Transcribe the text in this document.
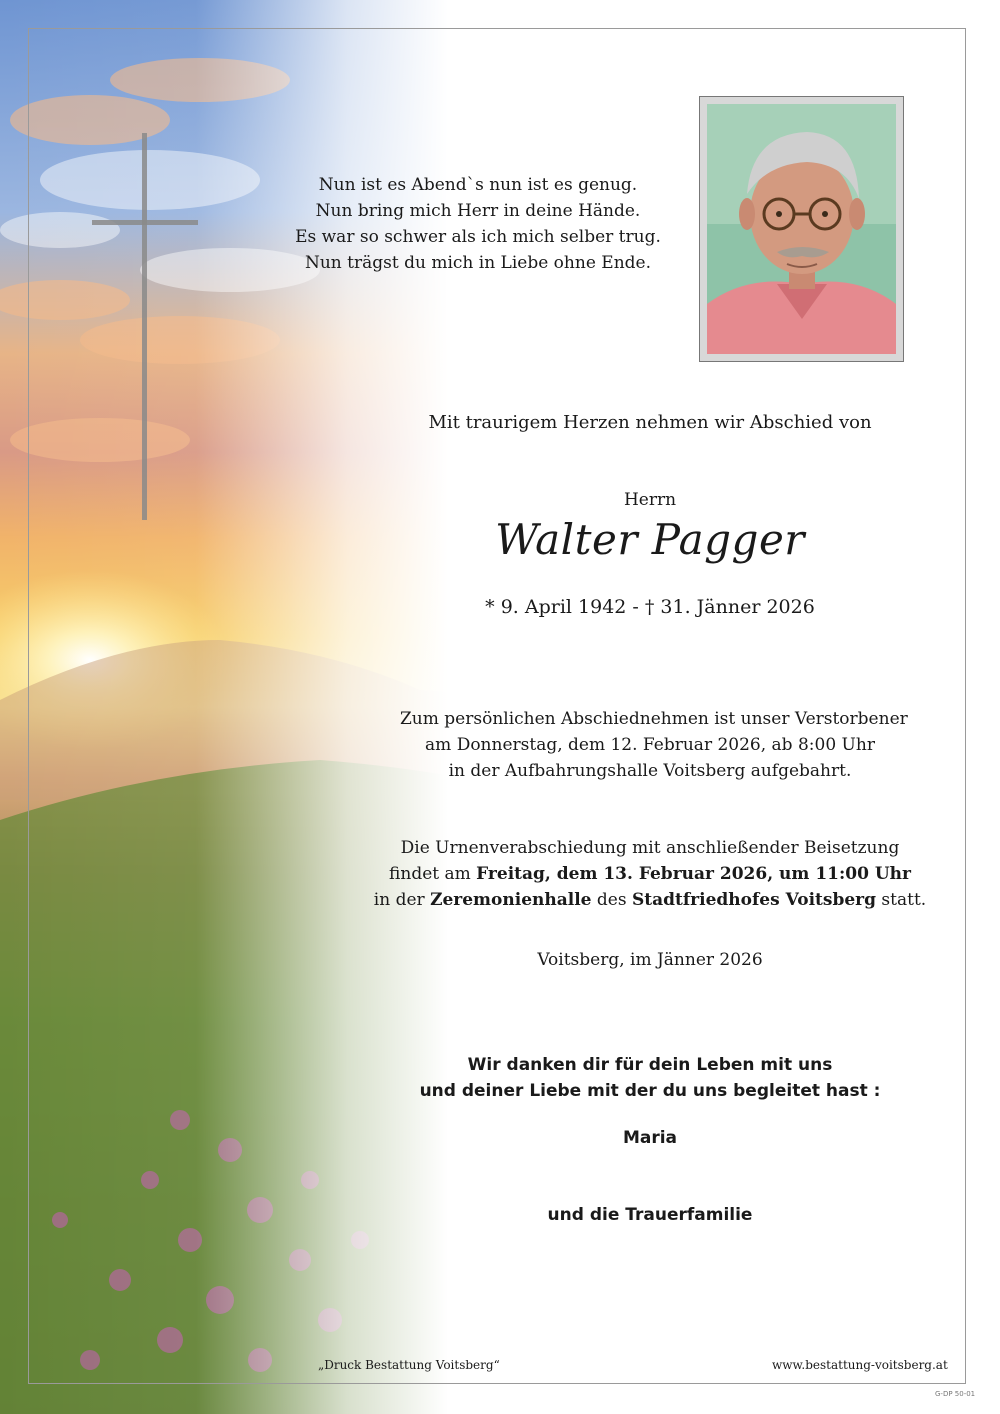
Nun ist es Abend`s nun ist es genug.
Nun bring mich Herr in deine Hände.
Es war so schwer als ich mich selber trug.
Nun trägst du mich in Liebe ohne Ende.
Mit traurigem Herzen nehmen wir Abschied von
Herrn
Walter Pagger
* 9. April 1942 - † 31. Jänner 2026
Zum persönlichen Abschiednehmen ist unser Verstorbener
am Donnerstag, dem 12. Februar 2026, ab 8:00 Uhr
in der Aufbahrungshalle Voitsberg aufgebahrt.
Die Urnenverabschiedung mit anschließender Beisetzung
findet am Freitag, dem 13. Februar 2026, um 11:00 Uhr
in der Zeremonienhalle des Stadtfriedhofes Voitsberg statt.
Voitsberg, im Jänner 2026
Wir danken dir für dein Leben mit uns
und deiner Liebe mit der du uns begleitet hast :
Maria
und die Trauerfamilie
„Druck Bestattung Voitsberg“	www.bestattung-voitsberg.at
G-DP 50-01
